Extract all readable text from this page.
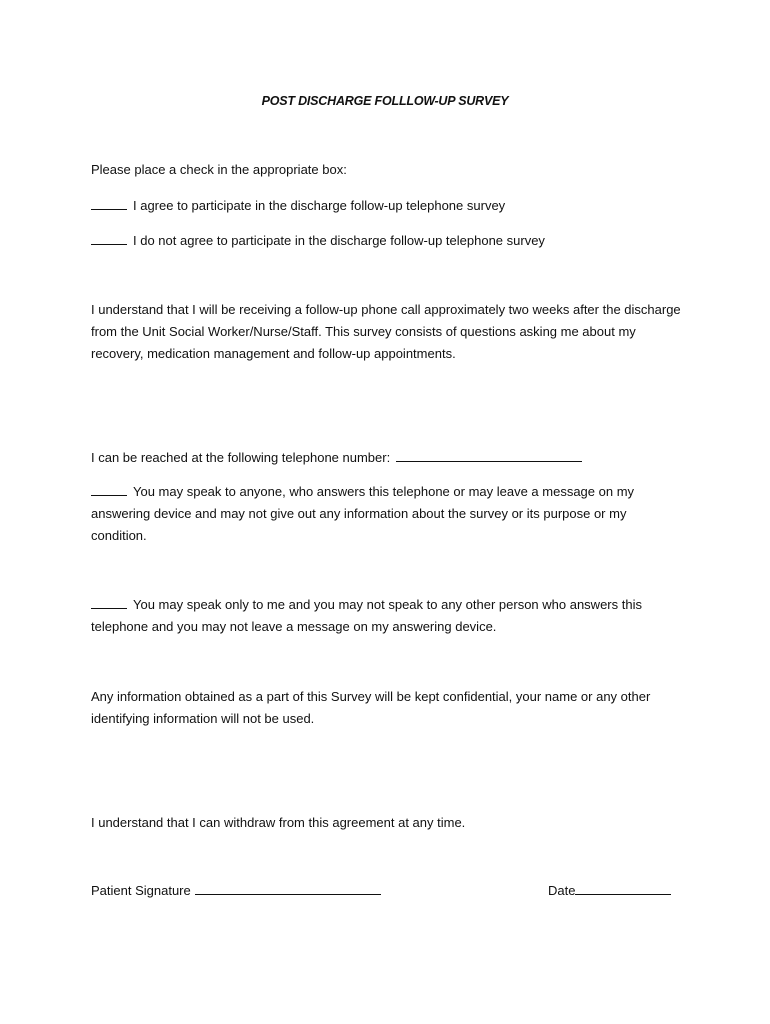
POST DISCHARGE FOLLLOW-UP SURVEY
Please place a check in the appropriate box:
I agree to participate in the discharge follow-up telephone survey
I do not agree to participate in the discharge follow-up telephone survey
I understand that I will be receiving a follow-up phone call approximately two weeks after the discharge from the Unit Social Worker/Nurse/Staff. This survey consists of questions asking me about my recovery, medication management and follow-up appointments.
I can be reached at the following telephone number:
You may speak to anyone, who answers this telephone or may leave a message on my answering device and may not give out any information about the survey or its purpose or my condition.
You may speak only to me and you may not speak to any other person who answers this telephone and you may not leave a message on my answering device.
Any information obtained as a part of this Survey will be kept confidential, your name or any other identifying information will not be used.
I understand that I can withdraw from this agreement at any time.
Patient Signature	Date
